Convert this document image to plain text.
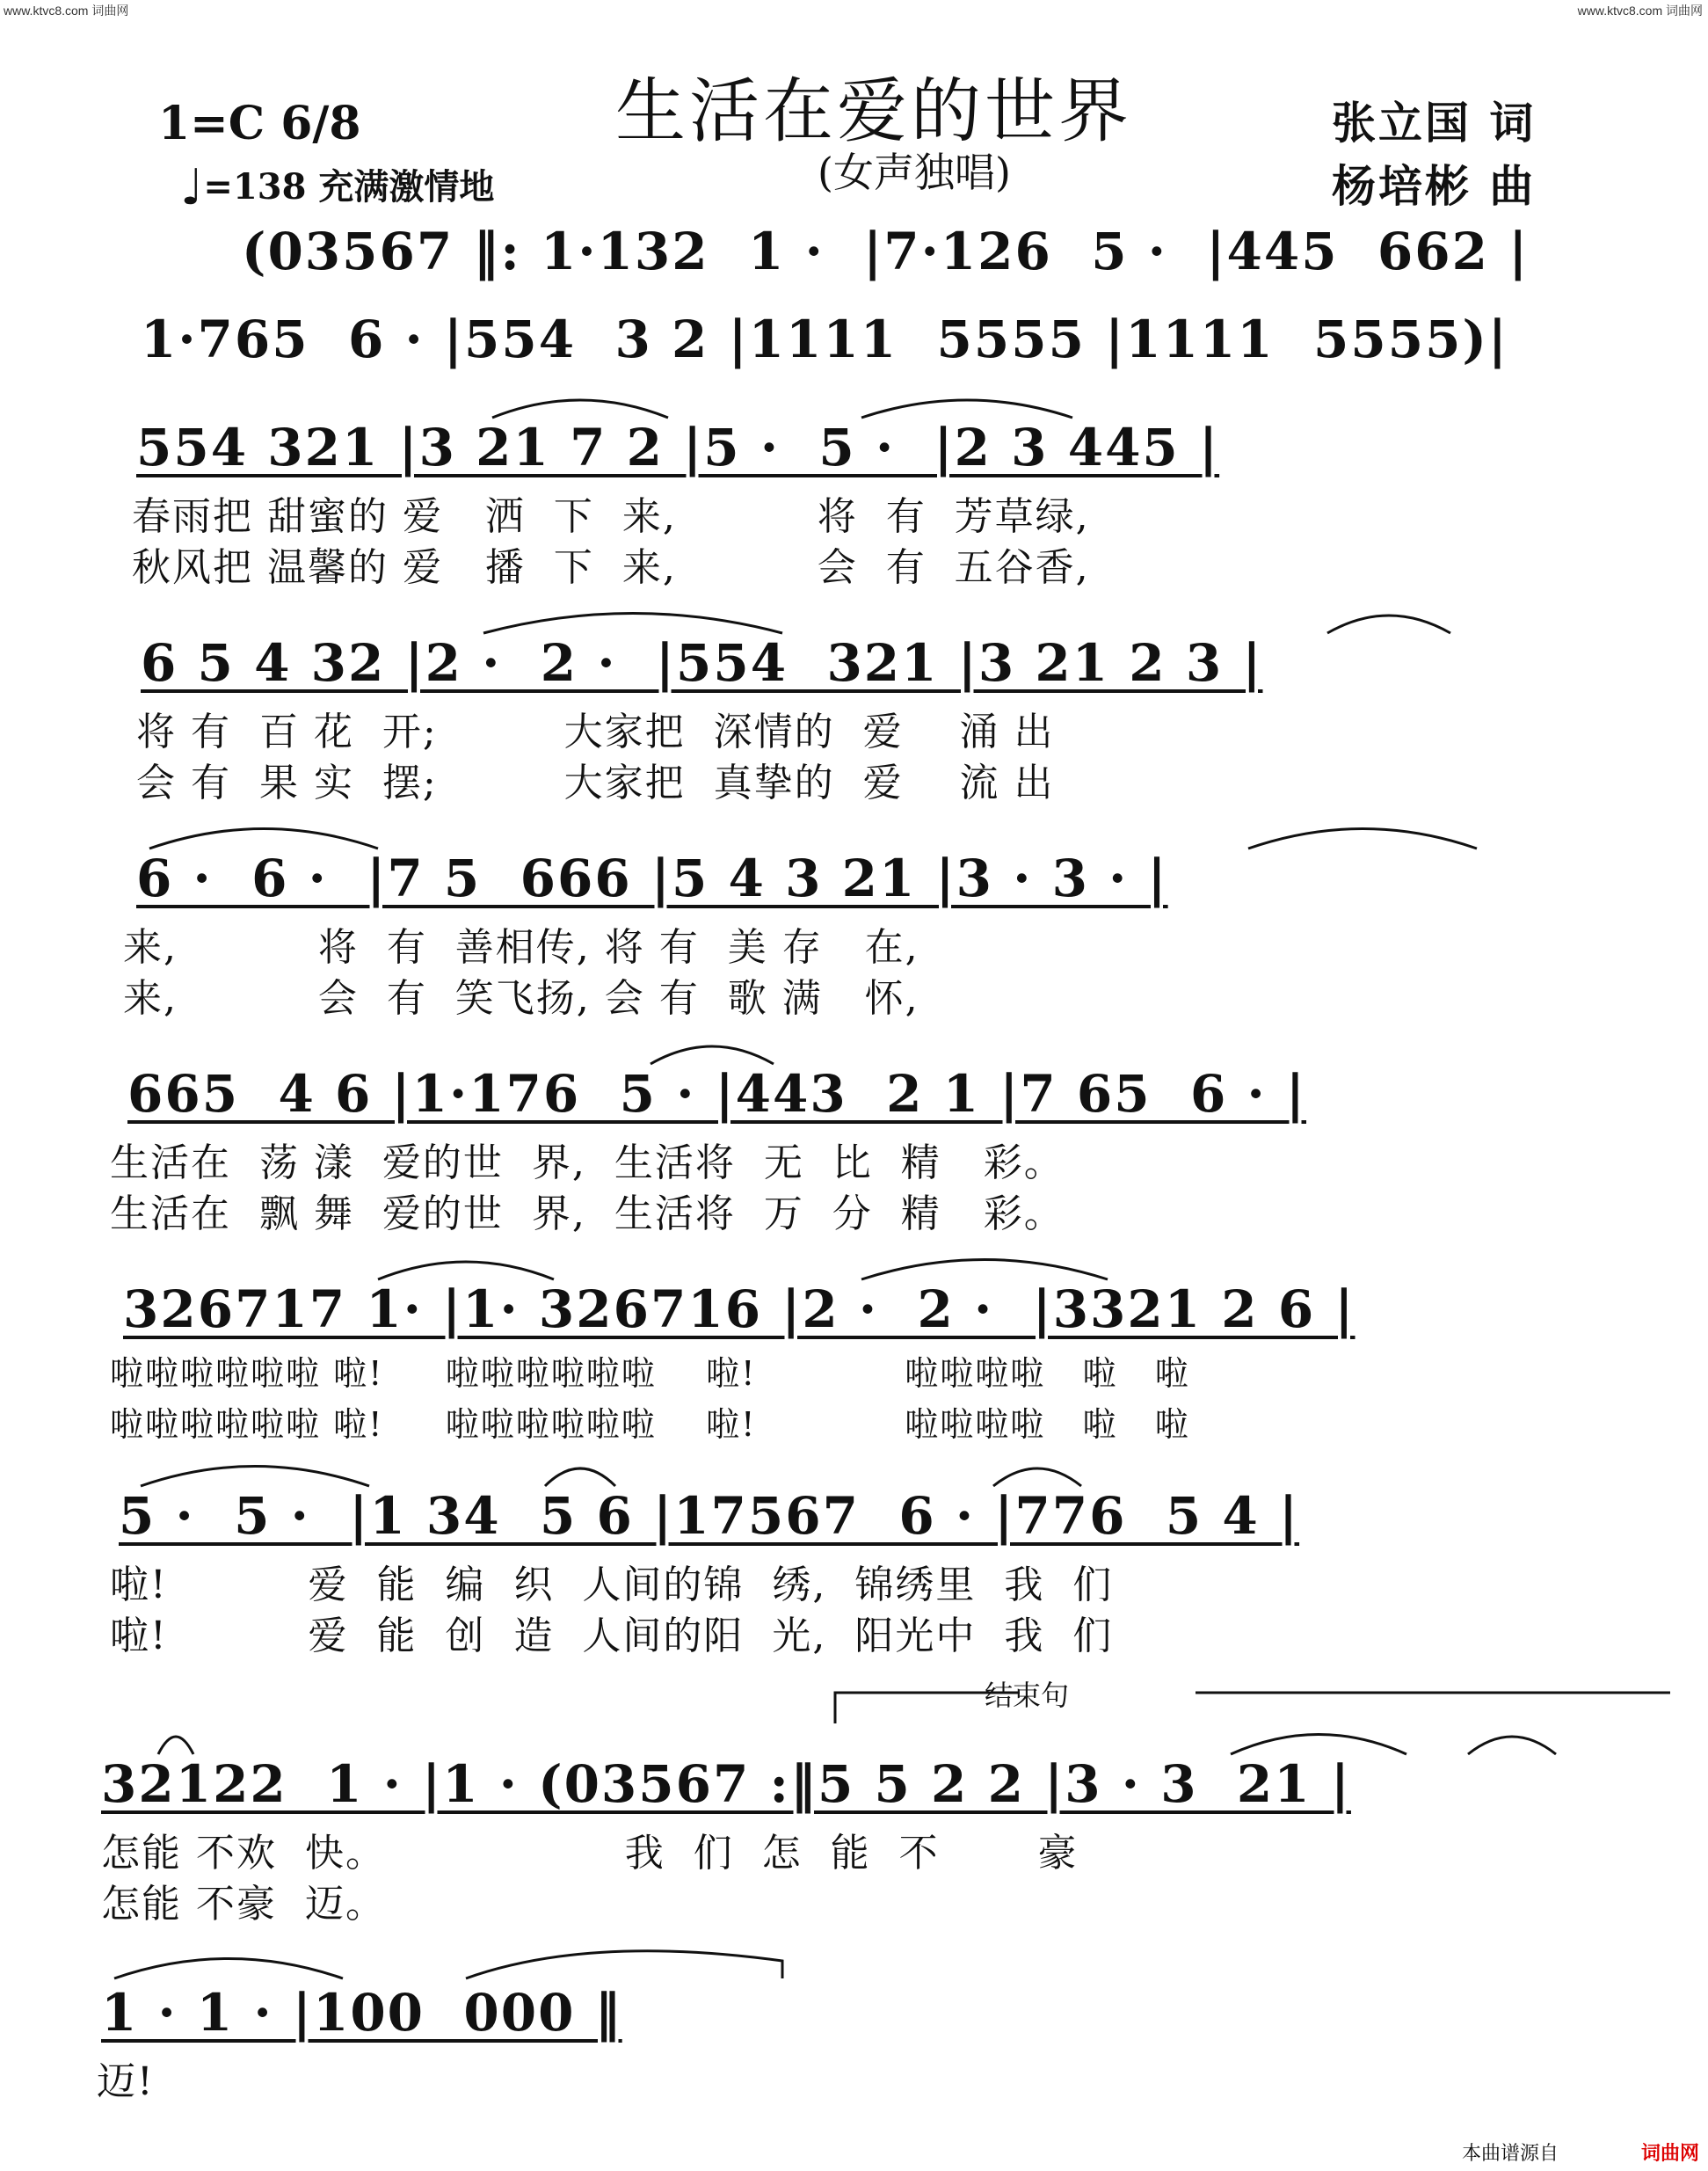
www.ktvc8.com 词曲网	www.ktvc8.com 词曲网
生活在爱的世界
(女声独唱)
张立国 词
杨培彬 曲
1=C 6/8
♩=138 充满激情地
(03567 ‖: 1·132  1 ·  |7·126  5 ·  |445  662 |
1·765  6 · |554  3 2 |1111  5555 |1111  5555)|
554 321 |3 21 7 2 |5 ·  5 ·  |2 3 445 |
春雨把 甜蜜的 爱   洒  下  来,          将  有  芳草绿,
秋风把 温馨的 爱   播  下  来,          会  有  五谷香,
6 5 4 32 |2 ·  2 ·  |554  321 |3 21 2 3 |
将 有  百 花  开;         大家把  深情的  爱    涌 出
会 有  果 实  摆;         大家把  真挚的  爱    流 出
6 ·  6 ·  |7 5  666 |5 4 3 21 |3 · 3 · |
来,          将  有  善相传, 将 有  美 存   在,
来,          会  有  笑飞扬, 会 有  歌 满   怀,
665  4 6 |1·176  5 · |443  2 1 |7 65  6 · |
生活在  荡 漾  爱的世  界,  生活将  无  比  精   彩。
生活在  飘 舞  爱的世  界,  生活将  万  分  精   彩。
326717 1· |1· 326716 |2 ·  2 ·  |3321 2 6 |
啦啦啦啦啦啦 啦!     啦啦啦啦啦啦    啦!            啦啦啦啦   啦   啦
啦啦啦啦啦啦 啦!     啦啦啦啦啦啦    啦!            啦啦啦啦   啦   啦
5 ·  5 ·  |1 34  5 6 |17567  6 · |776  5 4 |
啦!          爱  能  编  织  人间的锦  绣,  锦绣里  我  们
啦!          爱  能  创  造  人间的阳  光,  阳光中  我  们
结束句
32122  1 · |1 · (03567 :‖5 5 2 2 |3 · 3  21 |
怎能 不欢  快。                 我  们  怎  能  不       豪
怎能 不豪  迈。
1 · 1 · |100  000 ‖
迈!
本曲谱源自	词曲网
